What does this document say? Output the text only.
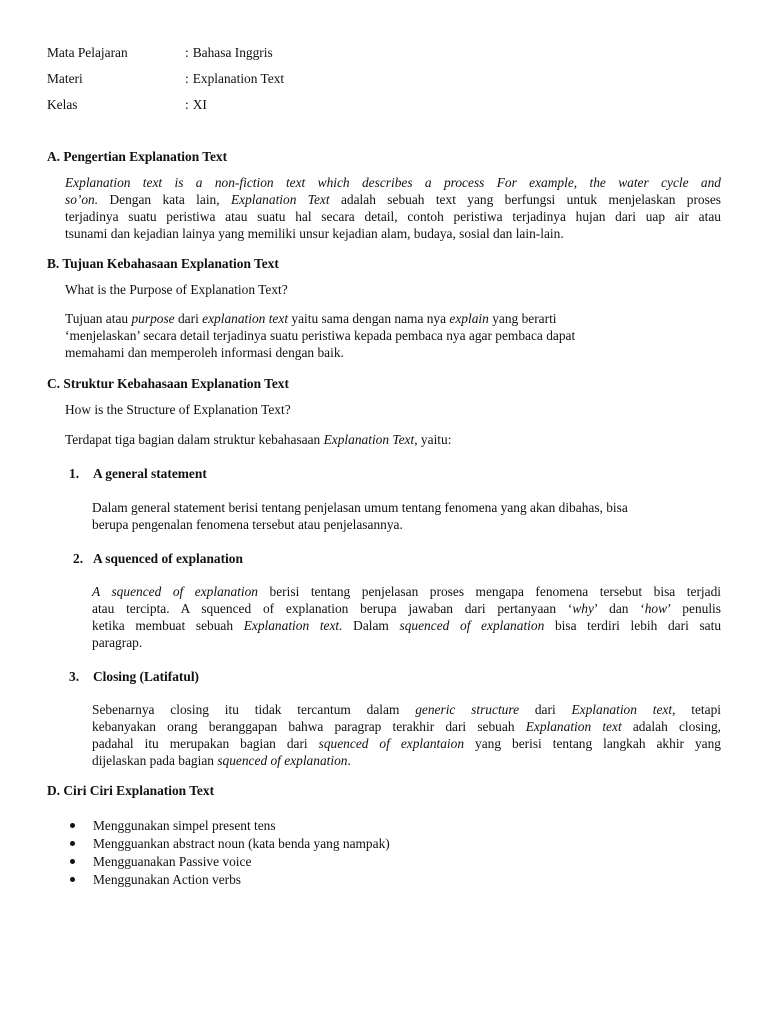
Mata Pelajaran	: Bahasa Inggris
Materi	: Explanation Text
Kelas	: XI
A. Pengertian Explanation Text
Explanation text is a non-fiction text which describes a process For example, the water cycle and
so’on. Dengan kata lain, Explanation Text adalah sebuah text yang berfungsi untuk menjelaskan proses
terjadinya suatu peristiwa atau suatu hal secara detail, contoh peristiwa terjadinya hujan dari uap air atau
tsunami dan kejadian lainya yang memiliki unsur kejadian alam, budaya, sosial dan lain-lain.
B. Tujuan Kebahasaan Explanation Text
What is the Purpose of Explanation Text?
Tujuan atau purpose dari explanation text yaitu sama dengan nama nya explain yang berarti
‘menjelaskan’ secara detail terjadinya suatu peristiwa kepada pembaca nya agar pembaca dapat
memahami dan memperoleh informasi dengan baik.
C. Struktur Kebahasaan Explanation Text
How is the Structure of Explanation Text?
Terdapat tiga bagian dalam struktur kebahasaan Explanation Text, yaitu:
1. A general statement
Dalam general statement berisi tentang penjelasan umum tentang fenomena yang akan dibahas, bisa
berupa pengenalan fenomena tersebut atau penjelasannya.
2. A squenced of explanation
A squenced of explanation berisi tentang penjelasan proses mengapa fenomena tersebut bisa terjadi
atau tercipta. A squenced of explanation berupa jawaban dari pertanyaan ‘why’ dan ‘how’ penulis
ketika membuat sebuah Explanation text. Dalam squenced of explanation bisa terdiri lebih dari satu
paragrap.
3. Closing (Latifatul)
Sebenarnya closing itu tidak tercantum dalam generic structure dari Explanation text, tetapi
kebanyakan orang beranggapan bahwa paragrap terakhir dari sebuah Explanation text adalah closing,
padahal itu merupakan bagian dari squenced of explantaion yang berisi tentang langkah akhir yang
dijelaskan pada bagian squenced of explanation.
D. Ciri Ciri Explanation Text
Menggunakan simpel present tens
Mengguankan abstract noun (kata benda yang nampak)
Mengguanakan Passive voice
Menggunakan Action verbs
